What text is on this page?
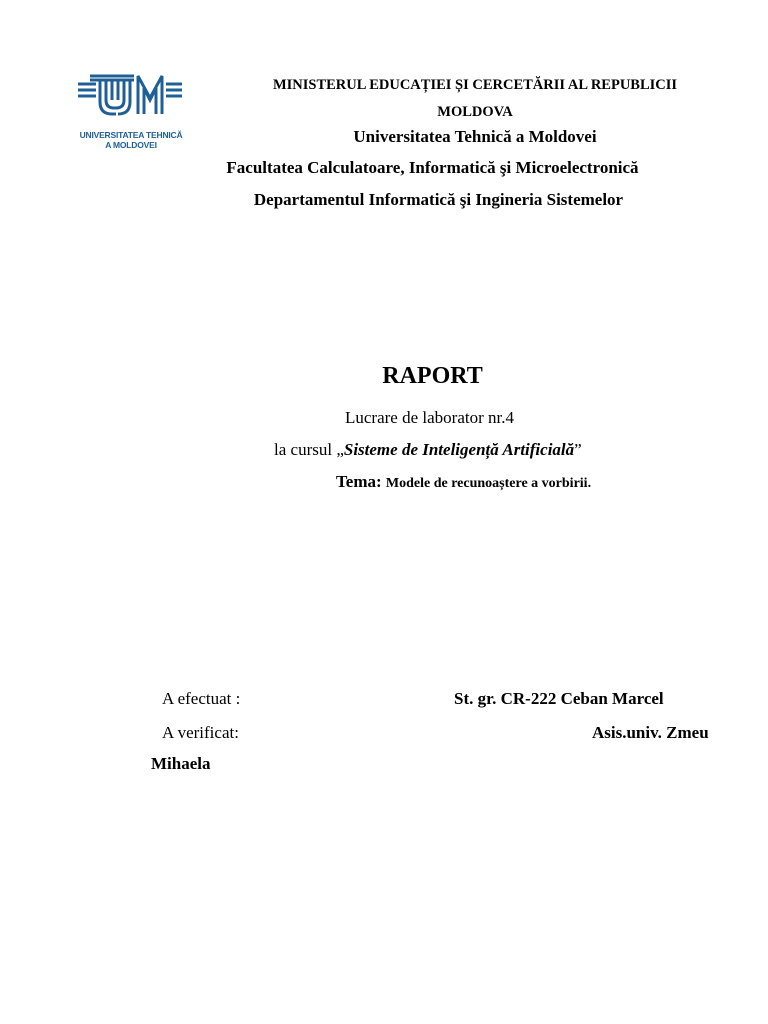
UNIVERSITATEA TEHNICĂ
A MOLDOVEI
MINISTERUL EDUCAȚIEI ȘI CERCETĂRII AL REPUBLICII
MOLDOVA
Universitatea Tehnică a Moldovei
Facultatea Calculatoare, Informatică şi Microelectronică
Departamentul Informatică şi Ingineria Sistemelor
RAPORT
Lucrare de laborator nr.4
la cursul „Sisteme de Inteligență Artificială”
Tema: Modele de recunoaștere a vorbirii.
A efectuat :	St. gr. CR-222 Ceban Marcel
A verificat:	Asis.univ. Zmeu
Mihaela
